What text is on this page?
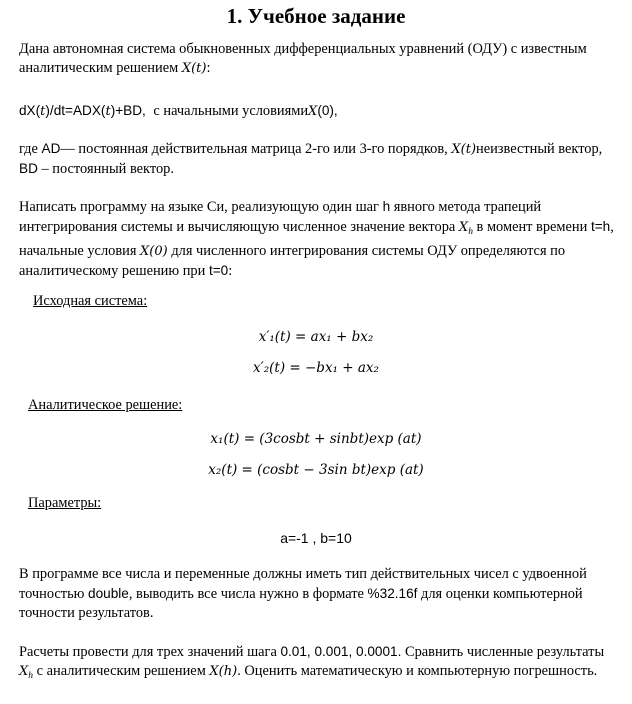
1. Учебное задание

Дана автономная система обыкновенных дифференциальных уравнений (ОДУ) с известным аналитическим решением X(t):

dX(t)/dt=ADX(t)+BD, с начальными условиямиX(0),

где AD— постоянная действительная матрица 2-го или 3-го порядков, X(t)неизвестный вектор, BD – постоянный вектор.

Написать программу на языке Си, реализующую один шаг h явного метода трапеций интегрирования системы и вычисляющую численное значение вектора $X_h$ в момент времени t=h, начальные условия X(0) для численного интегрирования системы ОДУ определяются по аналитическому решению при t=0:

Исходная система:

x′₁(t) = ax₁ + bx₂

x′₂(t) = −bx₁ + ax₂

Аналитическое решение:

x₁(t) = (3cosbt + sinbt)exp (at)

x₂(t) = (cosbt − 3sin bt)exp (at)

Параметры:

a=-1 , b=10

В программе все числа и переменные должны иметь тип действительных чисел с удвоенной точностью double, выводить все числа нужно в формате %32.16f для оценки компьютерной точности результатов.

Расчеты провести для трех значений шага 0.01, 0.001, 0.0001. Сравнить численные результаты $X_h$ с аналитическим решением X(h). Оценить математическую и компьютерную погрешность.
